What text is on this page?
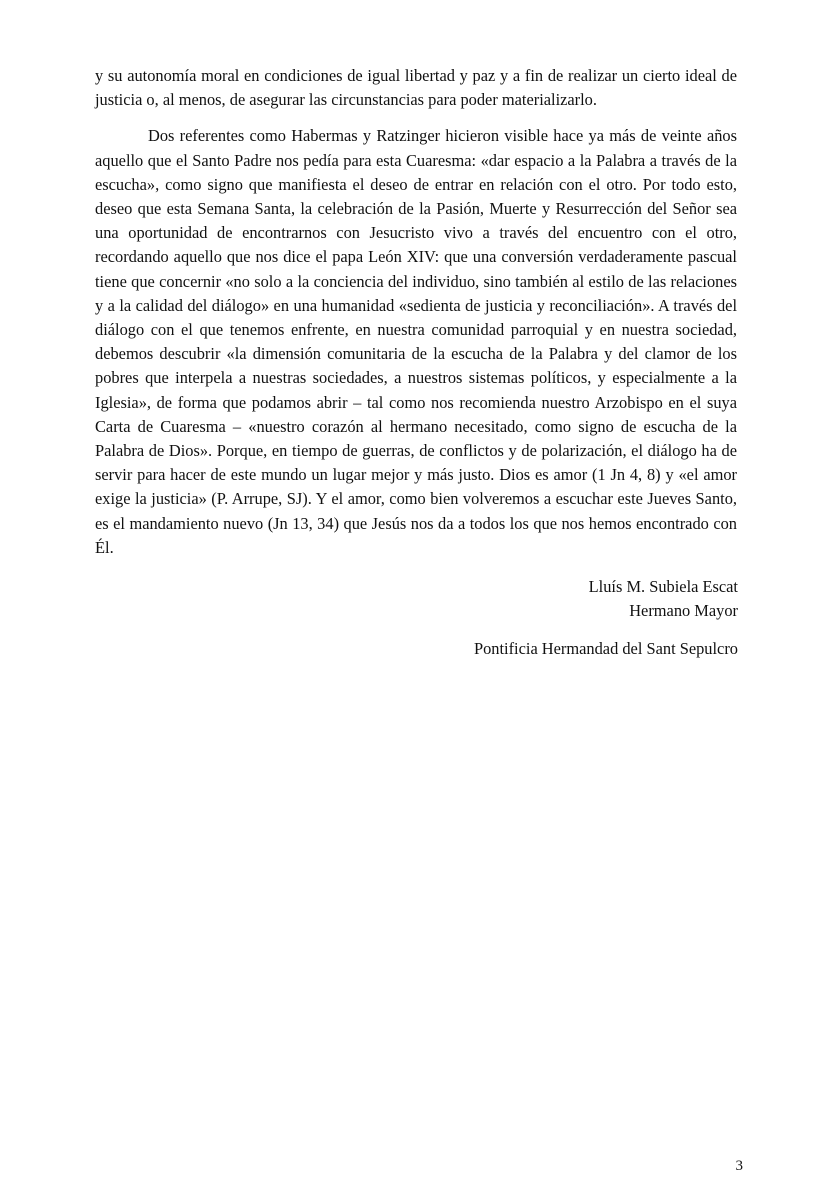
y su autonomía moral en condiciones de igual libertad y paz y a fin de realizar un cierto ideal de justicia o, al menos, de asegurar las circunstancias para poder materializarlo.

Dos referentes como Habermas y Ratzinger hicieron visible hace ya más de veinte años aquello que el Santo Padre nos pedía para esta Cuaresma: «dar espacio a la Palabra a través de la escucha», como signo que manifiesta el deseo de entrar en relación con el otro. Por todo esto, deseo que esta Semana Santa, la celebración de la Pasión, Muerte y Resurrección del Señor sea una oportunidad de encontrarnos con Jesucristo vivo a través del encuentro con el otro, recordando aquello que nos dice el papa León XIV: que una conversión verdaderamente pascual tiene que concernir «no solo a la conciencia del individuo, sino también al estilo de las relaciones y a la calidad del diálogo» en una humanidad «sedienta de justicia y reconciliación». A través del diálogo con el que tenemos enfrente, en nuestra comunidad parroquial y en nuestra sociedad, debemos descubrir «la dimensión comunitaria de la escucha de la Palabra y del clamor de los pobres que interpela a nuestras sociedades, a nuestros sistemas políticos, y especialmente a la Iglesia», de forma que podamos abrir – tal como nos recomienda nuestro Arzobispo en el suya Carta de Cuaresma – «nuestro corazón al hermano necesitado, como signo de escucha de la Palabra de Dios». Porque, en tiempo de guerras, de conflictos y de polarización, el diálogo ha de servir para hacer de este mundo un lugar mejor y más justo. Dios es amor (1 Jn 4, 8) y «el amor exige la justicia» (P. Arrupe, SJ). Y el amor, como bien volveremos a escuchar este Jueves Santo, es el mandamiento nuevo (Jn 13, 34) que Jesús nos da a todos los que nos hemos encontrado con Él.

Lluís M. Subiela Escat
Hermano Mayor
Pontificia Hermandad del Sant Sepulcro
3
